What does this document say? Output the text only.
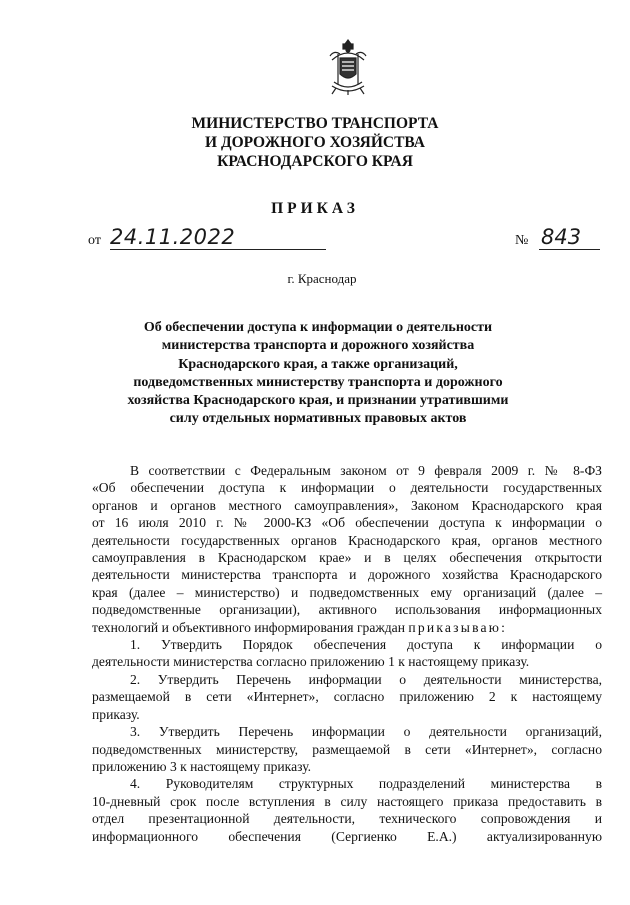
МИНИСТЕРСТВО ТРАНСПОРТА
И ДОРОЖНОГО ХОЗЯЙСТВА
КРАСНОДАРСКОГО КРАЯ
ПРИКАЗ
от 24.11.2022	№ 843
г. Краснодар
Об обеспечении доступа к информации о деятельности
министерства транспорта и дорожного хозяйства
Краснодарского края, а также организаций,
подведомственных министерству транспорта и дорожного
хозяйства Краснодарского края, и признании утратившими
силу отдельных нормативных правовых актов
В соответствии с Федеральным законом от 9 февраля 2009 г. № 8-ФЗ
«Об обеспечении доступа к информации о деятельности государственных
органов и органов местного самоуправления», Законом Краснодарского края
от 16 июля 2010 г. № 2000-КЗ «Об обеспечении доступа к информации о
деятельности государственных органов Краснодарского края, органов местного
самоуправления в Краснодарском крае» и в целях обеспечения открытости
деятельности министерства транспорта и дорожного хозяйства Краснодарского
края (далее – министерство) и подведомственных ему организаций (далее –
подведомственные организации), активного использования информационных
технологий и объективного информирования граждан приказываю:
1. Утвердить Порядок обеспечения доступа к информации о
деятельности министерства согласно приложению 1 к настоящему приказу.
2. Утвердить Перечень информации о деятельности министерства,
размещаемой в сети «Интернет», согласно приложению 2 к настоящему
приказу.
3. Утвердить Перечень информации о деятельности организаций,
подведомственных министерству, размещаемой в сети «Интернет», согласно
приложению 3 к настоящему приказу.
4. Руководителям структурных подразделений министерства в
10-дневный срок после вступления в силу настоящего приказа предоставить в
отдел презентационной деятельности, технического сопровождения и
информационного обеспечения (Сергиенко Е.А.) актуализированную
